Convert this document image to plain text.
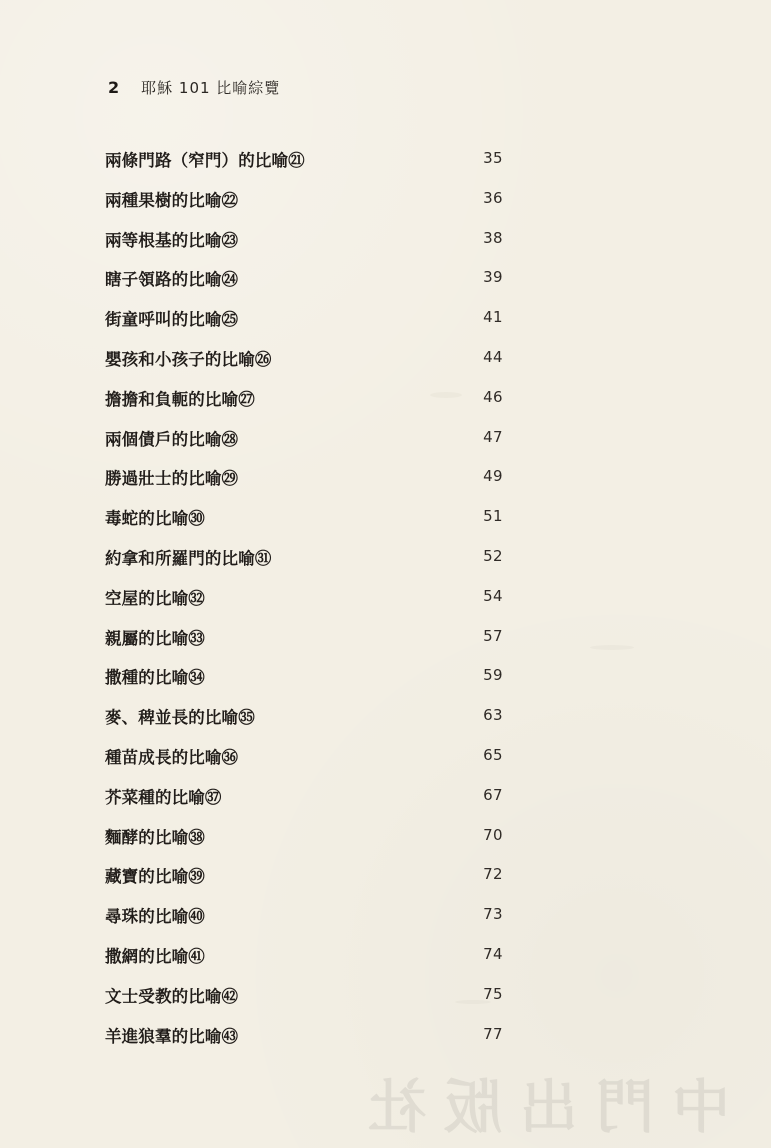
2 耶穌 101 比喻綜覽
兩條門路（窄門）的比喻㉑	35
兩種果樹的比喻㉒	36
兩等根基的比喻㉓	38
瞎子領路的比喻㉔	39
街童呼叫的比喻㉕	41
嬰孩和小孩子的比喻㉖	44
擔擔和負軛的比喻㉗	46
兩個債戶的比喻㉘	47
勝過壯士的比喻㉙	49
毒蛇的比喻㉚	51
約拿和所羅門的比喻㉛	52
空屋的比喻㉜	54
親屬的比喻㉝	57
撒種的比喻㉞	59
麥、稗並長的比喻㉟	63
種苗成長的比喻㊱	65
芥菜種的比喻㊲	67
麵酵的比喻㊳	70
藏寶的比喻㊴	72
尋珠的比喻㊵	73
撒網的比喻㊶	74
文士受教的比喻㊷	75
羊進狼羣的比喻㊸	77
中門出版社
